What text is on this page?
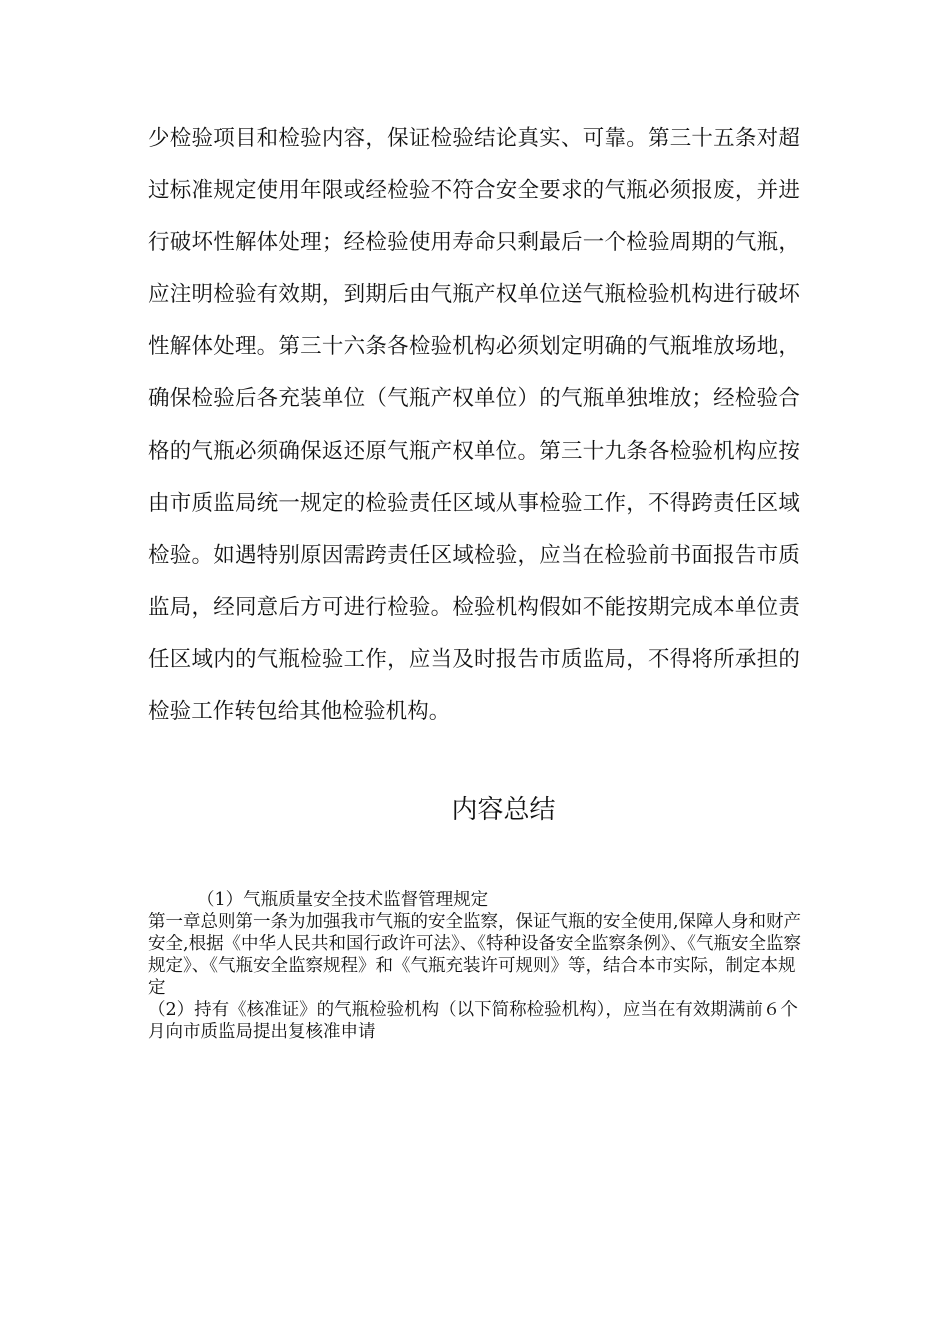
少检验项目和检验内容，保证检验结论真实、可靠。第三十五条对超过标准规定使用年限或经检验不符合安全要求的气瓶必须报废，并进行破坏性解体处理；经检验使用寿命只剩最后一个检验周期的气瓶，应注明检验有效期，到期后由气瓶产权单位送气瓶检验机构进行破坏性解体处理。第三十六条各检验机构必须划定明确的气瓶堆放场地，确保检验后各充装单位（气瓶产权单位）的气瓶单独堆放；经检验合格的气瓶必须确保返还原气瓶产权单位。第三十九条各检验机构应按由市质监局统一规定的检验责任区域从事检验工作，不得跨责任区域检验。如遇特别原因需跨责任区域检验，应当在检验前书面报告市质监局，经同意后方可进行检验。检验机构假如不能按期完成本单位责任区域内的气瓶检验工作，应当及时报告市质监局，不得将所承担的检验工作转包给其他检验机构。

内容总结

（1）气瓶质量安全技术监督管理规定

第一章总则第一条为加强我市气瓶的安全监察，保证气瓶的安全使用,保障人身和财产安全,根据《中华人民共和国行政许可法》、《特种设备安全监察条例》、《气瓶安全监察规定》、《气瓶安全监察规程》和《气瓶充装许可规则》等，结合本市实际，制定本规定

（2）持有《核准证》的气瓶检验机构（以下简称检验机构），应当在有效期满前６个月向市质监局提出复核准申请
